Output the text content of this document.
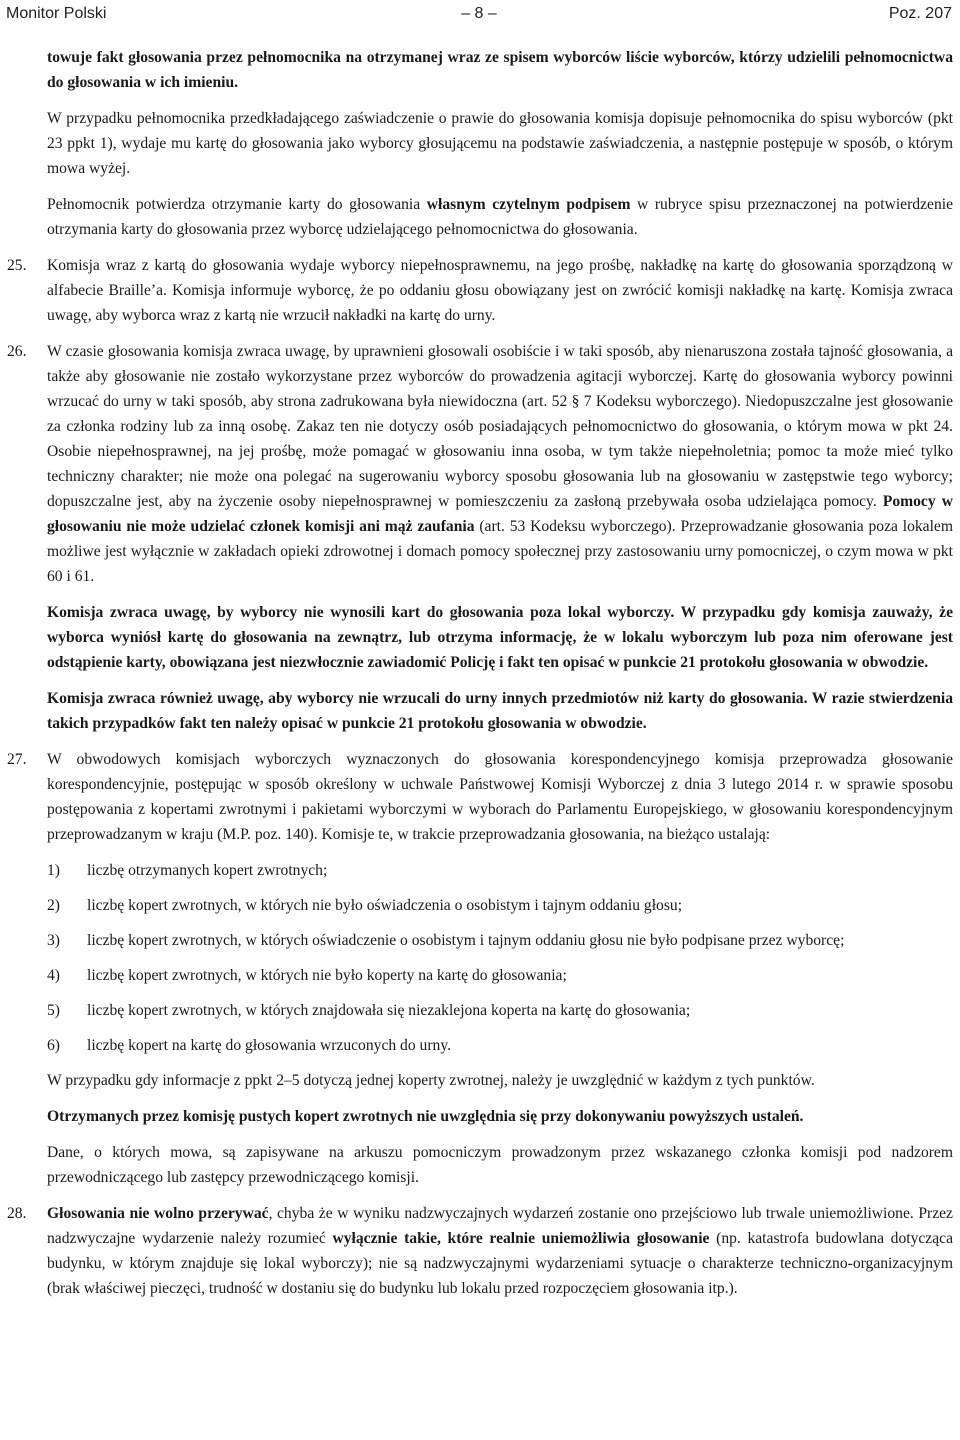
Monitor Polski	– 8 –	Poz. 207

towuje fakt głosowania przez pełnomocnika na otrzymanej wraz ze spisem wyborców liście wyborców, którzy udzielili pełnomocnictwa do głosowania w ich imieniu.

W przypadku pełnomocnika przedkładającego zaświadczenie o prawie do głosowania komisja dopisuje pełnomocnika do spisu wyborców (pkt 23 ppkt 1), wydaje mu kartę do głosowania jako wyborcy głosującemu na podstawie zaświadczenia, a następnie postępuje w sposób, o którym mowa wyżej.

Pełnomocnik potwierdza otrzymanie karty do głosowania własnym czytelnym podpisem w rubryce spisu przeznaczonej na potwierdzenie otrzymania karty do głosowania przez wyborcę udzielającego pełnomocnictwa do głosowania.

25. Komisja wraz z kartą do głosowania wydaje wyborcy niepełnosprawnemu, na jego prośbę, nakładkę na kartę do głosowania sporządzoną w alfabecie Braille’a. Komisja informuje wyborcę, że po oddaniu głosu obowiązany jest on zwrócić komisji nakładkę na kartę. Komisja zwraca uwagę, aby wyborca wraz z kartą nie wrzucił nakładki na kartę do urny.

26. W czasie głosowania komisja zwraca uwagę, by uprawnieni głosowali osobiście i w taki sposób, aby nienaruszona została tajność głosowania, a także aby głosowanie nie zostało wykorzystane przez wyborców do prowadzenia agitacji wyborczej. Kartę do głosowania wyborcy powinni wrzucać do urny w taki sposób, aby strona zadrukowana była niewidoczna (art. 52 § 7 Kodeksu wyborczego). Niedopuszczalne jest głosowanie za członka rodziny lub za inną osobę. Zakaz ten nie dotyczy osób posiadających pełnomocnictwo do głosowania, o którym mowa w pkt 24. Osobie niepełnosprawnej, na jej prośbę, może pomagać w głosowaniu inna osoba, w tym także niepełnoletnia; pomoc ta może mieć tylko techniczny charakter; nie może ona polegać na sugerowaniu wyborcy sposobu głosowania lub na głosowaniu w zastępstwie tego wyborcy; dopuszczalne jest, aby na życzenie osoby niepełnosprawnej w pomieszczeniu za zasłoną przebywała osoba udzielająca pomocy. Pomocy w głosowaniu nie może udzielać członek komisji ani mąż zaufania (art. 53 Kodeksu wyborczego). Przeprowadzanie głosowania poza lokalem możliwe jest wyłącznie w zakładach opieki zdrowotnej i domach pomocy społecznej przy zastosowaniu urny pomocniczej, o czym mowa w pkt 60 i 61.

Komisja zwraca uwagę, by wyborcy nie wynosili kart do głosowania poza lokal wyborczy. W przypadku gdy komisja zauważy, że wyborca wyniósł kartę do głosowania na zewnątrz, lub otrzyma informację, że w lokalu wyborczym lub poza nim oferowane jest odstąpienie karty, obowiązana jest niezwłocznie zawiadomić Policję i fakt ten opisać w punkcie 21 protokołu głosowania w obwodzie.

Komisja zwraca również uwagę, aby wyborcy nie wrzucali do urny innych przedmiotów niż karty do głosowania. W razie stwierdzenia takich przypadków fakt ten należy opisać w punkcie 21 protokołu głosowania w obwodzie.

27. W obwodowych komisjach wyborczych wyznaczonych do głosowania korespondencyjnego komisja przeprowadza głosowanie korespondencyjnie, postępując w sposób określony w uchwale Państwowej Komisji Wyborczej z dnia 3 lutego 2014 r. w sprawie sposobu postępowania z kopertami zwrotnymi i pakietami wyborczymi w wyborach do Parlamentu Europejskiego, w głosowaniu korespondencyjnym przeprowadzanym w kraju (M.P. poz. 140). Komisje te, w trakcie przeprowadzania głosowania, na bieżąco ustalają:

1)	liczbę otrzymanych kopert zwrotnych;
2)	liczbę kopert zwrotnych, w których nie było oświadczenia o osobistym i tajnym oddaniu głosu;
3)	liczbę kopert zwrotnych, w których oświadczenie o osobistym i tajnym oddaniu głosu nie było podpisane przez wyborcę;
4)	liczbę kopert zwrotnych, w których nie było koperty na kartę do głosowania;
5)	liczbę kopert zwrotnych, w których znajdowała się niezaklejona koperta na kartę do głosowania;
6)	liczbę kopert na kartę do głosowania wrzuconych do urny.

W przypadku gdy informacje z ppkt 2–5 dotyczą jednej koperty zwrotnej, należy je uwzględnić w każdym z tych punktów.

Otrzymanych przez komisję pustych kopert zwrotnych nie uwzględnia się przy dokonywaniu powyższych ustaleń.

Dane, o których mowa, są zapisywane na arkuszu pomocniczym prowadzonym przez wskazanego członka komisji pod nadzorem przewodniczącego lub zastępcy przewodniczącego komisji.

28. Głosowania nie wolno przerywać, chyba że w wyniku nadzwyczajnych wydarzeń zostanie ono przejściowo lub trwale uniemożliwione. Przez nadzwyczajne wydarzenie należy rozumieć wyłącznie takie, które realnie uniemożliwia głosowanie (np. katastrofa budowlana dotycząca budynku, w którym znajduje się lokal wyborczy); nie są nadzwyczajnymi wydarzeniami sytuacje o charakterze techniczno-organizacyjnym (brak właściwej pieczęci, trudność w dostaniu się do budynku lub lokalu przed rozpoczęciem głosowania itp.).
